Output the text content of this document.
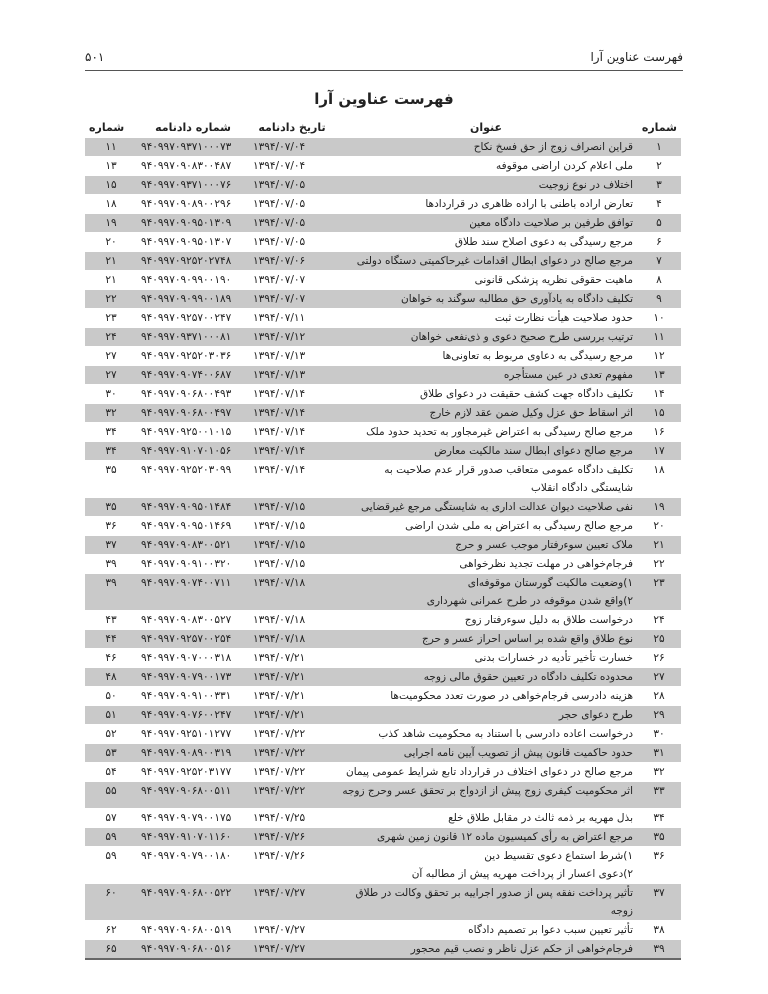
فهرست عناوین آرا
۵۰۱
فهرست عناوین آرا
شماره	عنوان	تاریخ دادنامه	شماره دادنامه	شماره
۱	قراین انصراف زوج از حق فسخ نکاح	۱۳۹۴/۰۷/۰۴	۹۴۰۹۹۷۰۹۳۷۱۰۰۰۷۳	۱۱
۲	ملی اعلام کردن اراضی موقوفه	۱۳۹۴/۰۷/۰۴	۹۴۰۹۹۷۰۹۰۸۳۰۰۴۸۷	۱۳
۳	اختلاف در نوع زوجیت	۱۳۹۴/۰۷/۰۵	۹۴۰۹۹۷۰۹۳۷۱۰۰۰۷۶	۱۵
۴	تعارض اراده باطنی با اراده ظاهری در قراردادها	۱۳۹۴/۰۷/۰۵	۹۴۰۹۹۷۰۹۰۸۹۰۰۲۹۶	۱۸
۵	توافق طرفین بر صلاحیت دادگاه معین	۱۳۹۴/۰۷/۰۵	۹۴۰۹۹۷۰۹۰۹۵۰۱۳۰۹	۱۹
۶	مرجع رسیدگی به دعوی اصلاح سند طلاق	۱۳۹۴/۰۷/۰۵	۹۴۰۹۹۷۰۹۰۹۵۰۱۳۰۷	۲۰
۷	مرجع صالح در دعوای ابطال اقدامات غیرحاکمیتی دستگاه دولتی	۱۳۹۴/۰۷/۰۶	۹۴۰۹۹۷۰۹۲۵۲۰۲۷۴۸	۲۱
۸	ماهیت حقوقی نظریه پزشکی قانونی	۱۳۹۴/۰۷/۰۷	۹۴۰۹۹۷۰۹۰۹۹۰۰۱۹۰	۲۱
۹	تکلیف دادگاه به یادآوری حق مطالبه سوگند به خواهان	۱۳۹۴/۰۷/۰۷	۹۴۰۹۹۷۰۹۰۹۹۰۰۱۸۹	۲۲
۱۰	حدود صلاحیت هیأت نظارت ثبت	۱۳۹۴/۰۷/۱۱	۹۴۰۹۹۷۰۹۲۵۷۰۰۲۴۷	۲۳
۱۱	ترتیب بررسی طرح صحیح دعوی و ذی‌نفعی خواهان	۱۳۹۴/۰۷/۱۲	۹۴۰۹۹۷۰۹۳۷۱۰۰۰۸۱	۲۴
۱۲	مرجع رسیدگی به دعاوی مربوط به تعاونی‌ها	۱۳۹۴/۰۷/۱۳	۹۴۰۹۹۷۰۹۲۵۲۰۳۰۳۶	۲۷
۱۳	مفهوم تعدی در عین مستأجره	۱۳۹۴/۰۷/۱۳	۹۴۰۹۹۷۰۹۰۷۴۰۰۶۸۷	۲۷
۱۴	تکلیف دادگاه جهت کشف حقیقت در دعوای طلاق	۱۳۹۴/۰۷/۱۴	۹۴۰۹۹۷۰۹۰۶۸۰۰۴۹۳	۳۰
۱۵	اثر اسقاط حق عزل وکیل ضمن عقد لازم خارج	۱۳۹۴/۰۷/۱۴	۹۴۰۹۹۷۰۹۰۶۸۰۰۴۹۷	۳۲
۱۶	مرجع صالح رسیدگی به اعتراض غیرمجاور به تحدید حدود ملک	۱۳۹۴/۰۷/۱۴	۹۴۰۹۹۷۰۹۲۵۰۰۱۰۱۵	۳۴
۱۷	مرجع صالح دعوای ابطال سند مالکیت معارض	۱۳۹۴/۰۷/۱۴	۹۴۰۹۹۷۰۹۱۰۷۰۱۰۵۶	۳۴
۱۸	تکلیف دادگاه عمومی متعاقب صدور قرار عدم صلاحیت به شایستگی دادگاه انقلاب	۱۳۹۴/۰۷/۱۴	۹۴۰۹۹۷۰۹۲۵۲۰۳۰۹۹	۳۵
۱۹	نفی صلاحیت دیوان عدالت اداری به شایستگی مرجع غیرقضایی	۱۳۹۴/۰۷/۱۵	۹۴۰۹۹۷۰۹۰۹۵۰۱۴۸۴	۳۵
۲۰	مرجع صالح رسیدگی به اعتراض به ملی شدن اراضی	۱۳۹۴/۰۷/۱۵	۹۴۰۹۹۷۰۹۰۹۵۰۱۴۶۹	۳۶
۲۱	ملاک تعیین سوءرفتار موجب عسر و حرج	۱۳۹۴/۰۷/۱۵	۹۴۰۹۹۷۰۹۰۸۳۰۰۵۲۱	۳۷
۲۲	فرجام‌خواهی در مهلت تجدید نظرخواهی	۱۳۹۴/۰۷/۱۵	۹۴۰۹۹۷۰۹۰۹۱۰۰۳۲۰	۳۹
۲۳	۱)وضعیت مالکیت گورستان موقوفه‌ای
۲)واقع شدن موقوفه در طرح عمرانی شهرداری	۱۳۹۴/۰۷/۱۸	۹۴۰۹۹۷۰۹۰۷۴۰۰۷۱۱	۳۹
۲۴	درخواست طلاق به دلیل سوءرفتار زوج	۱۳۹۴/۰۷/۱۸	۹۴۰۹۹۷۰۹۰۸۳۰۰۵۲۷	۴۳
۲۵	نوع طلاق واقع شده بر اساس احراز عسر و حرج	۱۳۹۴/۰۷/۱۸	۹۴۰۹۹۷۰۹۲۵۷۰۰۲۵۴	۴۴
۲۶	خسارت تأخیر تأدیه در خسارات بدنی	۱۳۹۴/۰۷/۲۱	۹۴۰۹۹۷۰۹۰۷۰۰۰۳۱۸	۴۶
۲۷	محدوده تکلیف دادگاه در تعیین حقوق مالی زوجه	۱۳۹۴/۰۷/۲۱	۹۴۰۹۹۷۰۹۰۷۹۰۰۱۷۳	۴۸
۲۸	هزینه دادرسی فرجام‌خواهی در صورت تعدد محکومیت‌ها	۱۳۹۴/۰۷/۲۱	۹۴۰۹۹۷۰۹۰۹۱۰۰۳۳۱	۵۰
۲۹	طرح دعوای حجر	۱۳۹۴/۰۷/۲۱	۹۴۰۹۹۷۰۹۰۷۶۰۰۲۴۷	۵۱
۳۰	درخواست اعاده دادرسی با استناد به محکومیت شاهد کذب	۱۳۹۴/۰۷/۲۲	۹۴۰۹۹۷۰۹۲۵۱۰۱۲۷۷	۵۲
۳۱	حدود حاکمیت قانون پیش از تصویب آیین نامه اجرایی	۱۳۹۴/۰۷/۲۲	۹۴۰۹۹۷۰۹۰۸۹۰۰۳۱۹	۵۳
۳۲	مرجع صالح در دعوای اختلاف در قرارداد تابع شرایط عمومی پیمان	۱۳۹۴/۰۷/۲۲	۹۴۰۹۹۷۰۹۲۵۲۰۳۱۷۷	۵۴
۳۳	اثر محکومیت کیفری زوج پیش از ازدواج بر تحقق عسر وحرج زوجه	۱۳۹۴/۰۷/۲۲	۹۴۰۹۹۷۰۹۰۶۸۰۰۵۱۱	۵۵
۳۴	بذل مهریه بر ذمه ثالث در مقابل طلاق خلع	۱۳۹۴/۰۷/۲۵	۹۴۰۹۹۷۰۹۰۷۹۰۰۱۷۵	۵۷
۳۵	مرجع اعتراض به رأی کمیسیون ماده ۱۲ قانون زمین شهری	۱۳۹۴/۰۷/۲۶	۹۴۰۹۹۷۰۹۱۰۷۰۱۱۶۰	۵۹
۳۶	۱)شرط استماع دعوی تقسیط دین
۲)دعوی اعسار از پرداخت مهریه پیش از مطالبه آن	۱۳۹۴/۰۷/۲۶	۹۴۰۹۹۷۰۹۰۷۹۰۰۱۸۰	۵۹
۳۷	تأثیر پرداخت نفقه پس از صدور اجراییه بر تحقق وکالت در طلاق زوجه	۱۳۹۴/۰۷/۲۷	۹۴۰۹۹۷۰۹۰۶۸۰۰۵۲۲	۶۰
۳۸	تأثیر تعیین سبب دعوا بر تصمیم دادگاه	۱۳۹۴/۰۷/۲۷	۹۴۰۹۹۷۰۹۰۶۸۰۰۵۱۹	۶۲
۳۹	فرجام‌خواهی از حکم عزل ناظر و نصب قیم محجور	۱۳۹۴/۰۷/۲۷	۹۴۰۹۹۷۰۹۰۶۸۰۰۵۱۶	۶۵
